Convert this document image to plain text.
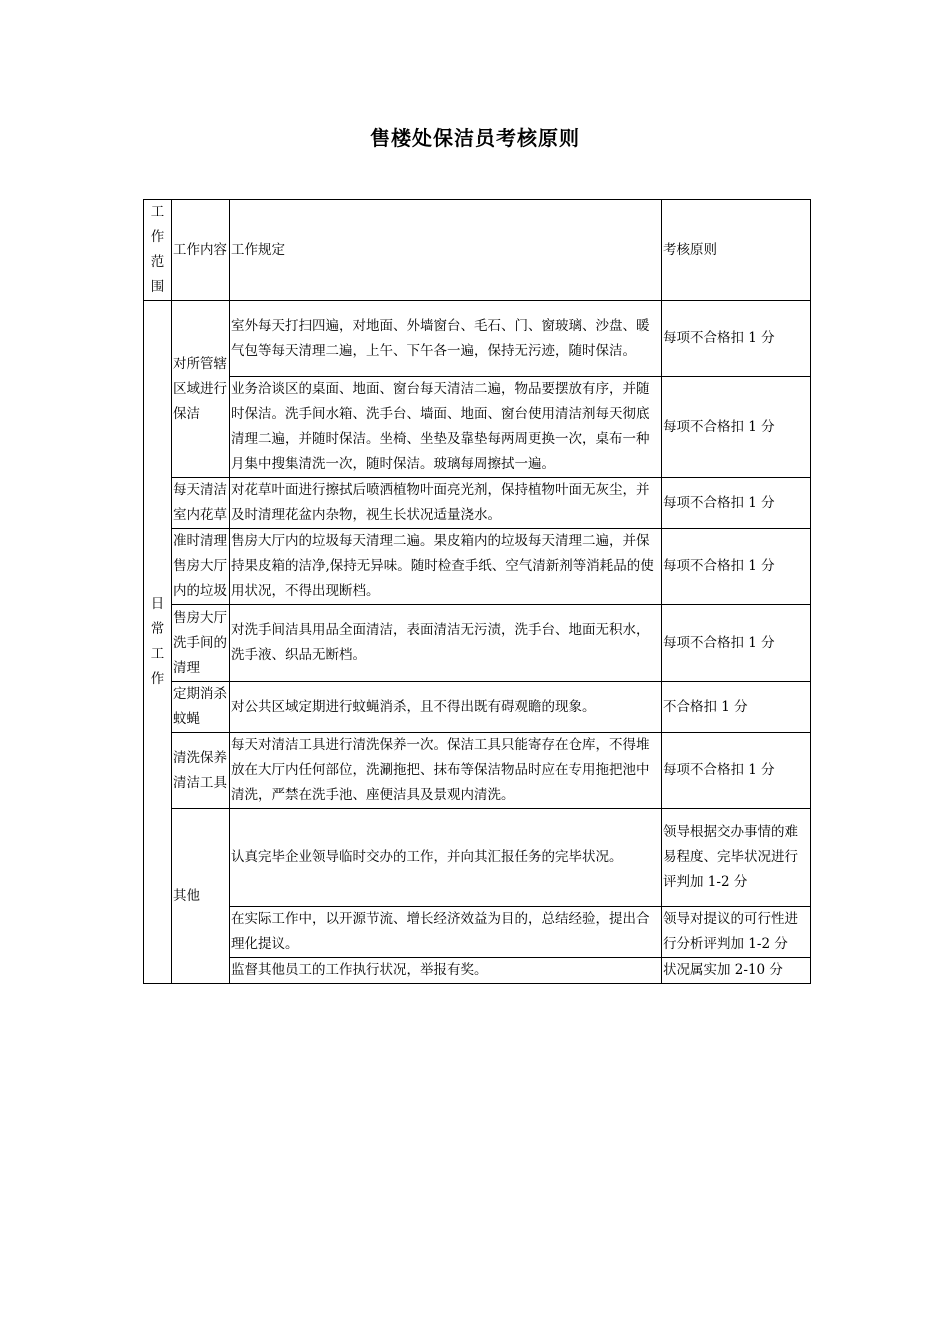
售楼处保洁员考核原则
工作范围	工作内容	工作规定	考核原则

日常工作	对所管辖区域进行保洁	室外每天打扫四遍，对地面、外墙窗台、毛石、门、窗玻璃、沙盘、暖气包等每天清理二遍，上午、下午各一遍，保持无污迹，随时保洁。	每项不合格扣 1 分
		业务洽谈区的桌面、地面、窗台每天清洁二遍，物品要摆放有序，并随时保洁。洗手间水箱、洗手台、墙面、地面、窗台使用清洁剂每天彻底清理二遍，并随时保洁。坐椅、坐垫及靠垫每两周更换一次，桌布一种月集中搜集清洗一次，随时保洁。玻璃每周擦拭一遍。	每项不合格扣 1 分
	每天清洁室内花草	对花草叶面进行擦拭后喷洒植物叶面亮光剂，保持植物叶面无灰尘，并及时清理花盆内杂物，视生长状况适量浇水。	每项不合格扣 1 分
	准时清理售房大厅内的垃圾	售房大厅内的垃圾每天清理二遍。果皮箱内的垃圾每天清理二遍，并保持果皮箱的洁净,保持无异味。随时检查手纸、空气清新剂等消耗品的使用状况，不得出现断档。	每项不合格扣 1 分
	售房大厅洗手间的清理	对洗手间洁具用品全面清洁，表面清洁无污渍，洗手台、地面无积水，洗手液、织品无断档。	每项不合格扣 1 分
	定期消杀蚊蝇	对公共区域定期进行蚊蝇消杀，且不得出既有碍观瞻的现象。	不合格扣 1 分
	清洗保养清洁工具	每天对清洁工具进行清洗保养一次。保洁工具只能寄存在仓库，不得堆放在大厅内任何部位，洗涮拖把、抹布等保洁物品时应在专用拖把池中清洗，严禁在洗手池、座便洁具及景观内清洗。	每项不合格扣 1 分
	其他	认真完毕企业领导临时交办的工作，并向其汇报任务的完毕状况。	领导根据交办事情的难易程度、完毕状况进行评判加 1-2 分
		在实际工作中，以开源节流、增长经济效益为目的，总结经验，提出合理化提议。	领导对提议的可行性进行分析评判加 1-2 分
		监督其他员工的工作执行状况，举报有奖。	状况属实加 2-10 分
